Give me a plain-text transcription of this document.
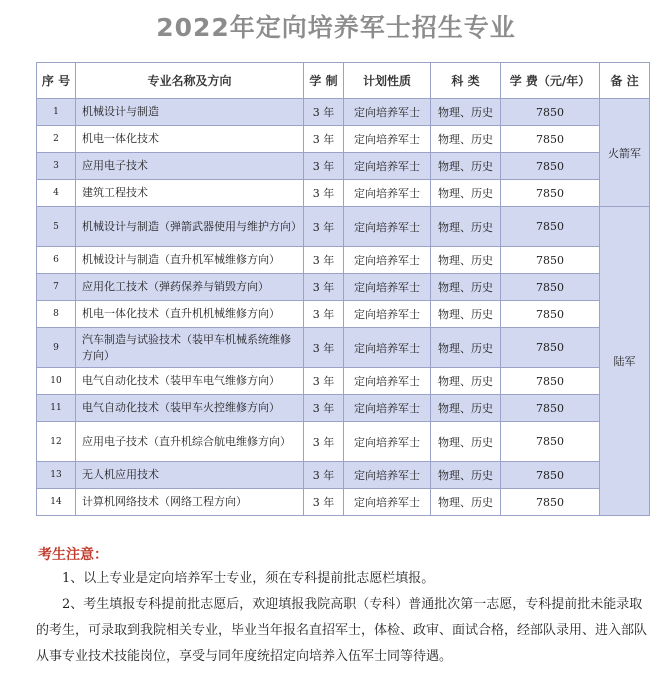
2022年定向培养军士招生专业
序 号	专业名称及方向	学 制	计划性质	科 类	学 费（元/年）	备 注
1	机械设计与制造	3 年	定向培养军士	物理、历史	7850	火箭军
2	机电一体化技术	3 年	定向培养军士	物理、历史	7850	
3	应用电子技术	3 年	定向培养军士	物理、历史	7850	
4	建筑工程技术	3 年	定向培养军士	物理、历史	7850	
5	机械设计与制造（弹箭武器使用与维护方向）	3 年	定向培养军士	物理、历史	7850	陆军
6	机械设计与制造（直升机军械维修方向）	3 年	定向培养军士	物理、历史	7850	
7	应用化工技术（弹药保养与销毁方向）	3 年	定向培养军士	物理、历史	7850	
8	机电一体化技术（直升机机械维修方向）	3 年	定向培养军士	物理、历史	7850	
9	汽车制造与试验技术（装甲车机械系统维修方向）	3 年	定向培养军士	物理、历史	7850	
10	电气自动化技术（装甲车电气维修方向）	3 年	定向培养军士	物理、历史	7850	
11	电气自动化技术（装甲车火控维修方向）	3 年	定向培养军士	物理、历史	7850	
12	应用电子技术（直升机综合航电维修方向）	3 年	定向培养军士	物理、历史	7850	
13	无人机应用技术	3 年	定向培养军士	物理、历史	7850	
14	计算机网络技术（网络工程方向）	3 年	定向培养军士	物理、历史	7850	
考生注意：
1、以上专业是定向培养军士专业，须在专科提前批志愿栏填报。
2、考生填报专科提前批志愿后，欢迎填报我院高职（专科）普通批次第一志愿，专科提前批未能录取的考生，可录取到我院相关专业，毕业当年报名直招军士，体检、政审、面试合格，经部队录用、进入部队从事专业技术技能岗位，享受与同年度统招定向培养入伍军士同等待遇。
